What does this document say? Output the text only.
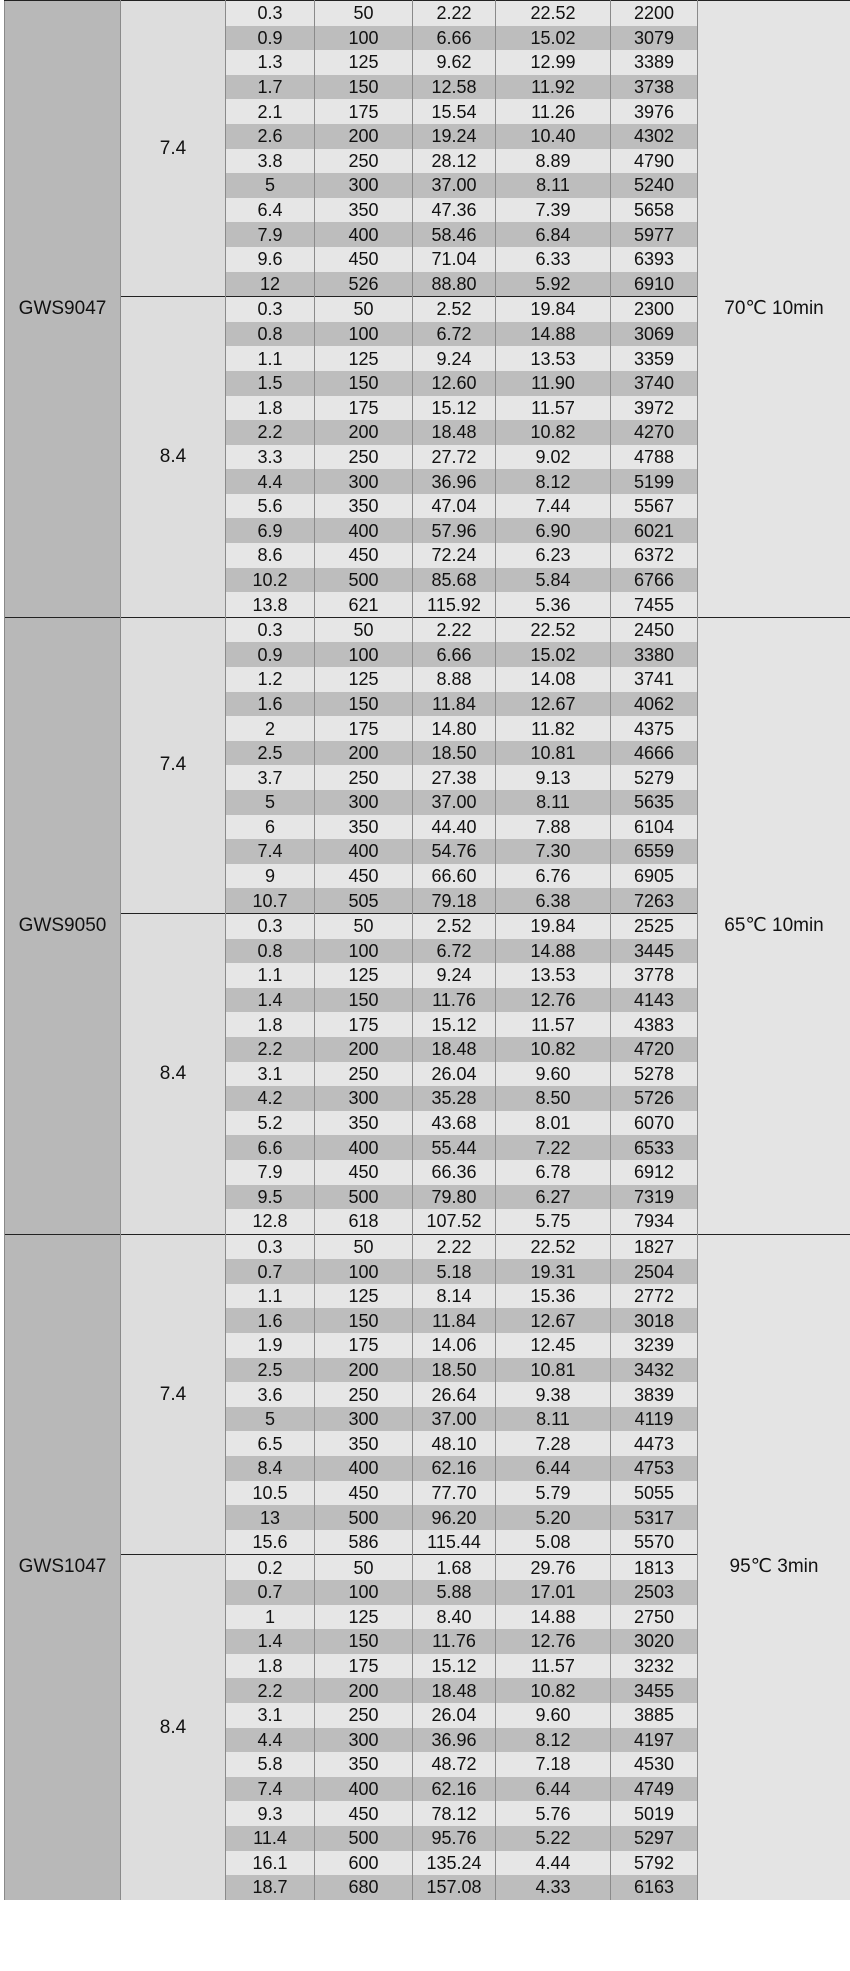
GWS9047	7.4	0.3	50	2.22	22.52	2200	70℃ 10min
		0.9	100	6.66	15.02	3079	
		1.3	125	9.62	12.99	3389	
		1.7	150	12.58	11.92	3738	
		2.1	175	15.54	11.26	3976	
		2.6	200	19.24	10.40	4302	
		3.8	250	28.12	8.89	4790	
		5	300	37.00	8.11	5240	
		6.4	350	47.36	7.39	5658	
		7.9	400	58.46	6.84	5977	
		9.6	450	71.04	6.33	6393	
		12	526	88.80	5.92	6910	
	8.4	0.3	50	2.52	19.84	2300	
		0.8	100	6.72	14.88	3069	
		1.1	125	9.24	13.53	3359	
		1.5	150	12.60	11.90	3740	
		1.8	175	15.12	11.57	3972	
		2.2	200	18.48	10.82	4270	
		3.3	250	27.72	9.02	4788	
		4.4	300	36.96	8.12	5199	
		5.6	350	47.04	7.44	5567	
		6.9	400	57.96	6.90	6021	
		8.6	450	72.24	6.23	6372	
		10.2	500	85.68	5.84	6766	
		13.8	621	115.92	5.36	7455	
GWS9050	7.4	0.3	50	2.22	22.52	2450	65℃ 10min
		0.9	100	6.66	15.02	3380	
		1.2	125	8.88	14.08	3741	
		1.6	150	11.84	12.67	4062	
		2	175	14.80	11.82	4375	
		2.5	200	18.50	10.81	4666	
		3.7	250	27.38	9.13	5279	
		5	300	37.00	8.11	5635	
		6	350	44.40	7.88	6104	
		7.4	400	54.76	7.30	6559	
		9	450	66.60	6.76	6905	
		10.7	505	79.18	6.38	7263	
	8.4	0.3	50	2.52	19.84	2525	
		0.8	100	6.72	14.88	3445	
		1.1	125	9.24	13.53	3778	
		1.4	150	11.76	12.76	4143	
		1.8	175	15.12	11.57	4383	
		2.2	200	18.48	10.82	4720	
		3.1	250	26.04	9.60	5278	
		4.2	300	35.28	8.50	5726	
		5.2	350	43.68	8.01	6070	
		6.6	400	55.44	7.22	6533	
		7.9	450	66.36	6.78	6912	
		9.5	500	79.80	6.27	7319	
		12.8	618	107.52	5.75	7934	
GWS1047	7.4	0.3	50	2.22	22.52	1827	95℃ 3min
		0.7	100	5.18	19.31	2504	
		1.1	125	8.14	15.36	2772	
		1.6	150	11.84	12.67	3018	
		1.9	175	14.06	12.45	3239	
		2.5	200	18.50	10.81	3432	
		3.6	250	26.64	9.38	3839	
		5	300	37.00	8.11	4119	
		6.5	350	48.10	7.28	4473	
		8.4	400	62.16	6.44	4753	
		10.5	450	77.70	5.79	5055	
		13	500	96.20	5.20	5317	
		15.6	586	115.44	5.08	5570	
	8.4	0.2	50	1.68	29.76	1813	
		0.7	100	5.88	17.01	2503	
		1	125	8.40	14.88	2750	
		1.4	150	11.76	12.76	3020	
		1.8	175	15.12	11.57	3232	
		2.2	200	18.48	10.82	3455	
		3.1	250	26.04	9.60	3885	
		4.4	300	36.96	8.12	4197	
		5.8	350	48.72	7.18	4530	
		7.4	400	62.16	6.44	4749	
		9.3	450	78.12	5.76	5019	
		11.4	500	95.76	5.22	5297	
		16.1	600	135.24	4.44	5792	
		18.7	680	157.08	4.33	6163	
